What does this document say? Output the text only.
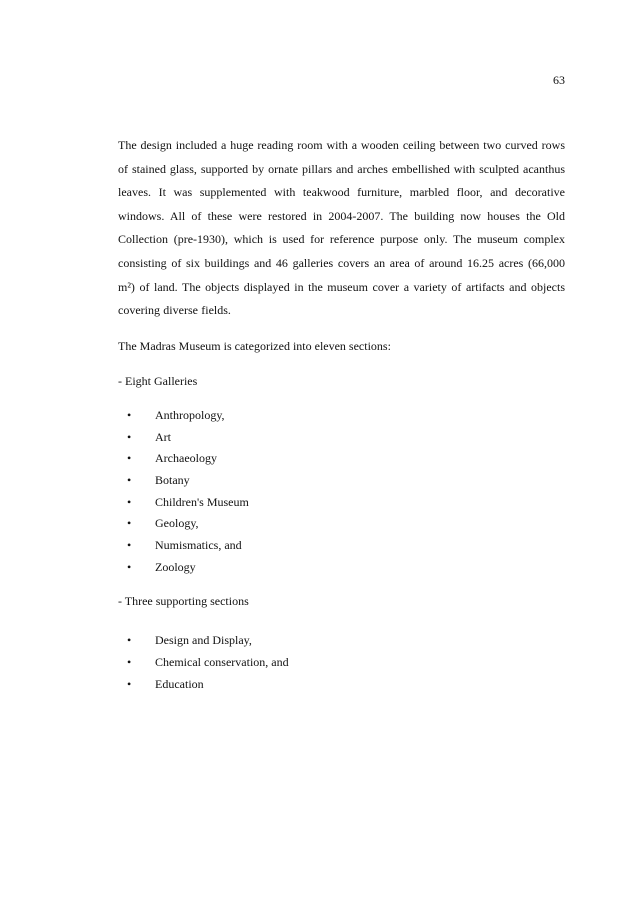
63

The design included a huge reading room with a wooden ceiling between two curved rows of stained glass, supported by ornate pillars and arches embellished with sculpted acanthus leaves. It was supplemented with teakwood furniture, marbled floor, and decorative windows. All of these were restored in 2004-2007. The building now houses the Old Collection (pre-1930), which is used for reference purpose only. The museum complex consisting of six buildings and 46 galleries covers an area of around 16.25 acres (66,000 m²) of land. The objects displayed in the museum cover a variety of artifacts and objects covering diverse fields.

The Madras Museum is categorized into eleven sections:

- Eight Galleries

• Anthropology,
• Art
• Archaeology
• Botany
• Children's Museum
• Geology,
• Numismatics, and
• Zoology

- Three supporting sections

• Design and Display,
• Chemical conservation, and
• Education
